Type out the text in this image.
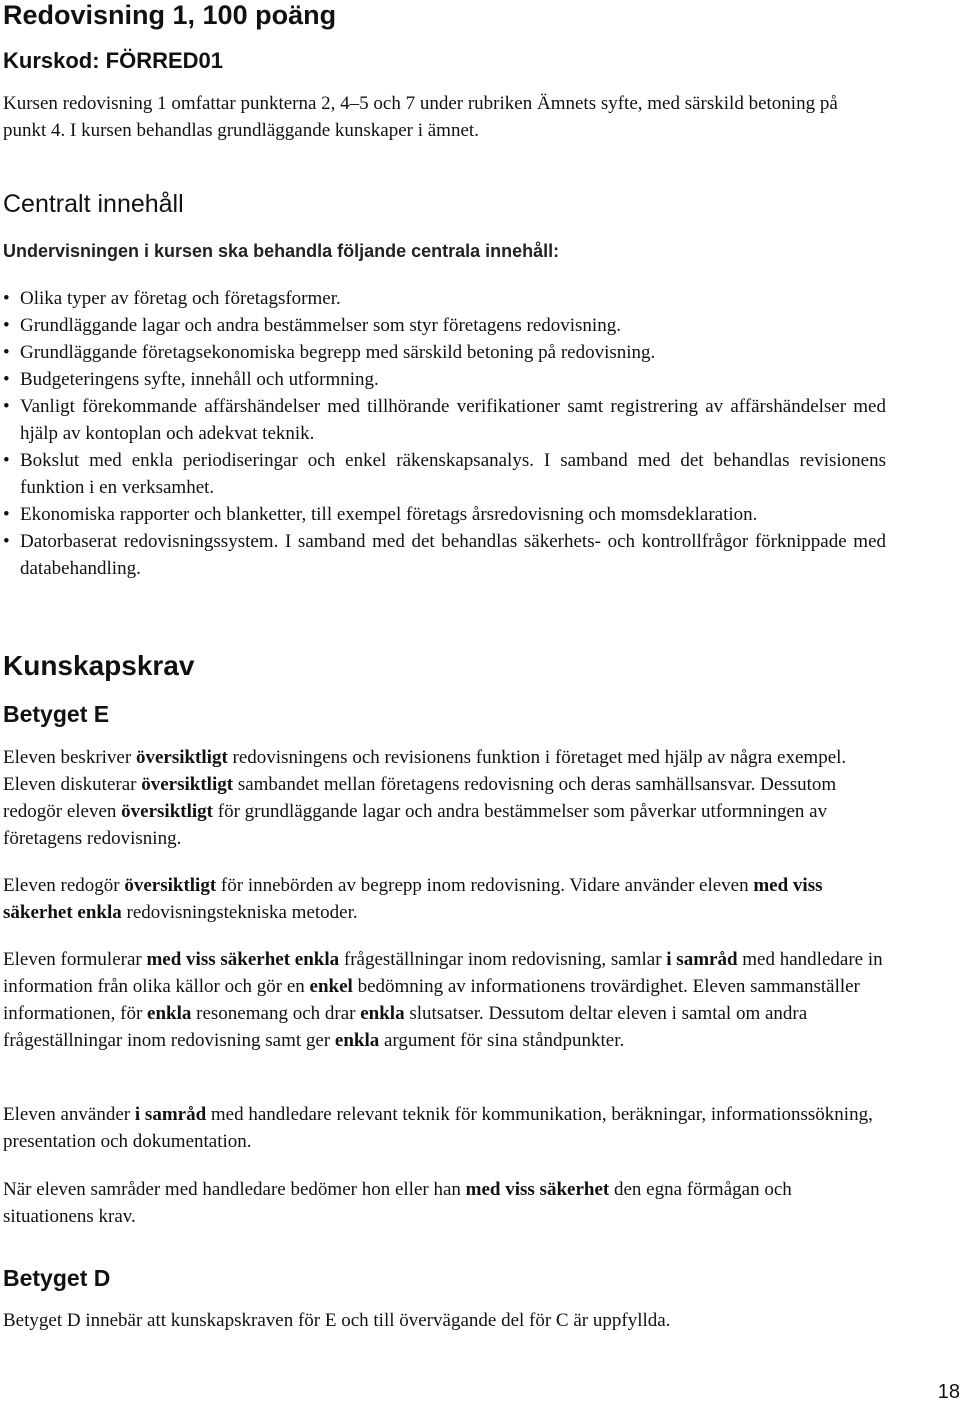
Redovisning 1, 100 poäng

Kurskod: FÖRRED01

Kursen redovisning 1 omfattar punkterna 2, 4–5 och 7 under rubriken Ämnets syfte, med särskild betoning på punkt 4. I kursen behandlas grundläggande kunskaper i ämnet.

Centralt innehåll

Undervisningen i kursen ska behandla följande centrala innehåll:

• Olika typer av företag och företagsformer.
• Grundläggande lagar och andra bestämmelser som styr företagens redovisning.
• Grundläggande företagsekonomiska begrepp med särskild betoning på redovisning.
• Budgeteringens syfte, innehåll och utformning.
• Vanligt förekommande affärshändelser med tillhörande verifikationer samt registrering av affärshändelser med hjälp av kontoplan och adekvat teknik.
• Bokslut med enkla periodiseringar och enkel räkenskapsanalys. I samband med det behandlas revisionens funktion i en verksamhet.
• Ekonomiska rapporter och blanketter, till exempel företags årsredovisning och momsdeklaration.
• Datorbaserat redovisningssystem. I samband med det behandlas säkerhets- och kontrollfrågor förknippade med databehandling.
Kunskapskrav
Betyget E

Eleven beskriver översiktligt redovisningens och revisionens funktion i företaget med hjälp av några exempel. Eleven diskuterar översiktligt sambandet mellan företagens redovisning och deras samhällsansvar. Dessutom redogör eleven översiktligt för grundläggande lagar och andra bestämmelser som påverkar utformningen av företagens redovisning.

Eleven redogör översiktligt för innebörden av begrepp inom redovisning. Vidare använder eleven med viss säkerhet enkla redovisningstekniska metoder.

Eleven formulerar med viss säkerhet enkla frågeställningar inom redovisning, samlar i samråd med handledare in information från olika källor och gör en enkel bedömning av informationens trovärdighet. Eleven sammanställer informationen, för enkla resonemang och drar enkla slutsatser. Dessutom deltar eleven i samtal om andra frågeställningar inom redovisning samt ger enkla argument för sina ståndpunkter.

Eleven använder i samråd med handledare relevant teknik för kommunikation, beräkningar, informationssökning, presentation och dokumentation.

När eleven samråder med handledare bedömer hon eller han med viss säkerhet den egna förmågan och situationens krav.

Betyget D

Betyget D innebär att kunskapskraven för E och till övervägande del för C är uppfyllda.

18
